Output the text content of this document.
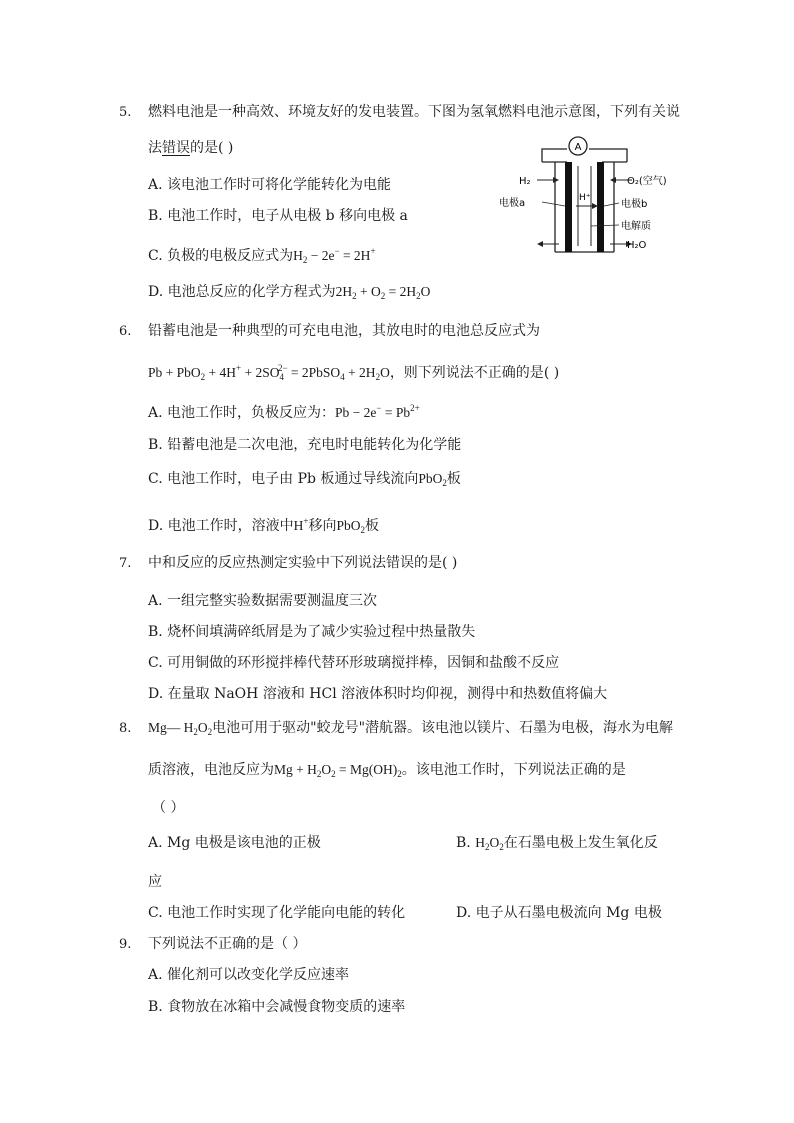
5. 燃料电池是一种高效、环境友好的发电装置。下图为氢氧燃料电池示意图，下列有关说
法错误的是( )
A. 该电池工作时可将化学能转化为电能
B. 电池工作时，电子从电极 b 移向电极 a
C. 负极的电极反应式为$H_2 - 2e^- = 2H^+$
D. 电池总反应的化学方程式为$2H_2 + O_2 = 2H_2O$
A
H₂	O₂(空气)
电极a	H⁺
电极b
电解质
H₂O
6. 铅蓄电池是一种典型的可充电电池，其放电时的电池总反应式为
$Pb + PbO_2 + 4H^+ + 2SO_4^{2-}$ = 2PbSO$_4$ + $2H_2O$，则下列说法不正确的是( )
A. 电池工作时，负极反应为：$Pb - 2e^- = Pb^{2+}$
B. 铅蓄电池是二次电池，充电时电能转化为化学能
C. 电池工作时，电子由 Pb 板通过导线流向PbO$_2$板
D. 电池工作时，溶液中H+移向PbO$_2$板
7. 中和反应的反应热测定实验中下列说法错误的是( )
A. 一组完整实验数据需要测温度三次
B. 烧杯间填满碎纸屑是为了减少实验过程中热量散失
C. 可用铜做的环形搅拌棒代替环形玻璃搅拌棒，因铜和盐酸不反应
D. 在量取 NaOH 溶液和 HCl 溶液体积时均仰视，测得中和热数值将偏大
8. Mg— $H_2O_2$电池可用于驱动"蛟龙号"潜航器。该电池以镁片、石墨为电极，海水为电解
质溶液，电池反应为$Mg + H_2O_2 = Mg(OH)_2$。该电池工作时，下列说法正确的是
（ ）
A. Mg 电极是该电池的正极	B. $H_2O_2$在石墨电极上发生氧化反
应
C. 电池工作时实现了化学能向电能的转化	D. 电子从石墨电极流向 Mg 电极
9. 下列说法不正确的是（ ）
A. 催化剂可以改变化学反应速率
B. 食物放在冰箱中会减慢食物变质的速率
